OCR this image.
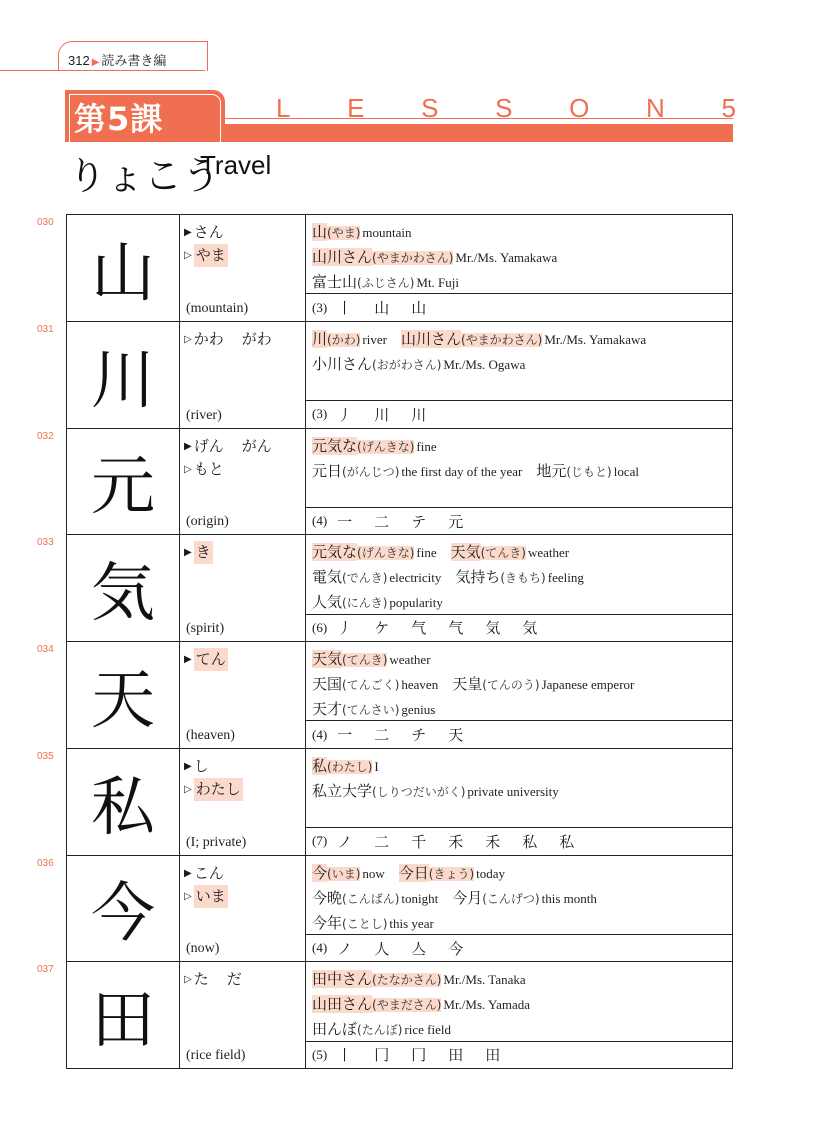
312 ▶ 読み書き編
第5課	L E S S O N 5
りょこう
Travel
030
山
▶ さん
▷ やま
(mountain)
山(やま) mountain
山川さん(やまかわさん) Mr./Ms. Yamakawa
富士山(ふじさん) Mt. Fuji
(3) 丨 山 山
031
川
▷ かわ がわ
(river)
川(かわ) river 山川さん(やまかわさん) Mr./Ms. Yamakawa
小川さん(おがわさん) Mr./Ms. Ogawa
(3) 丿 川 川
032
元
▶ げん がん
▷ もと
(origin)
元気な(げんきな) fine
元日(がんじつ) the first day of the year 地元(じもと) local
(4) 一 二 テ 元
033
気
▶ き
(spirit)
元気な(げんきな) fine 天気(てんき) weather
電気(でんき) electricity 気持ち(きもち) feeling
人気(にんき) popularity
(6) 丿 ケ 气 气 気 気
034
天
▶ てん
(heaven)
天気(てんき) weather
天国(てんごく) heaven 天皇(てんのう) Japanese emperor
天才(てんさい) genius
(4) 一 二 チ 天
035
私
▶ し
▷ わたし
(I; private)
私(わたし) I
私立大学(しりつだいがく) private university
(7) ノ 二 千 禾 禾 私 私
036
今
▶ こん
▷ いま
(now)
今(いま) now 今日(きょう) today
今晩(こんばん) tonight 今月(こんげつ) this month
今年(ことし) this year
(4) ノ 人 亼 今
037
田
▷ た だ
(rice field)
田中さん(たなかさん) Mr./Ms. Tanaka
山田さん(やまださん) Mr./Ms. Yamada
田んぼ(たんぼ) rice field
(5) 丨 冂 冂 田 田
